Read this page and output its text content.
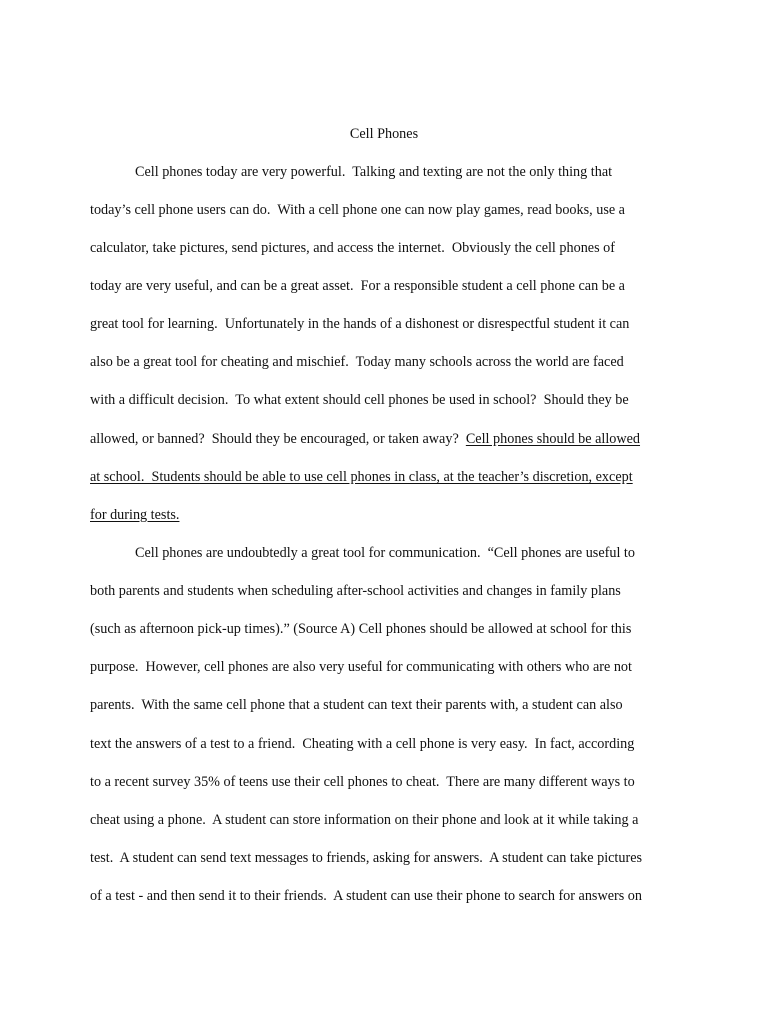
Cell Phones

Cell phones today are very powerful.  Talking and texting are not the only thing that
today’s cell phone users can do.  With a cell phone one can now play games, read books, use a
calculator, take pictures, send pictures, and access the internet.  Obviously the cell phones of
today are very useful, and can be a great asset.  For a responsible student a cell phone can be a
great tool for learning.  Unfortunately in the hands of a dishonest or disrespectful student it can
also be a great tool for cheating and mischief.  Today many schools across the world are faced
with a difficult decision.  To what extent should cell phones be used in school?  Should they be
allowed, or banned?  Should they be encouraged, or taken away?  Cell phones should be allowed
at school.  Students should be able to use cell phones in class, at the teacher’s discretion, except
for during tests.
Cell phones are undoubtedly a great tool for communication.  “Cell phones are useful to
both parents and students when scheduling after-school activities and changes in family plans
(such as afternoon pick-up times).” (Source A) Cell phones should be allowed at school for this
purpose.  However, cell phones are also very useful for communicating with others who are not
parents.  With the same cell phone that a student can text their parents with, a student can also
text the answers of a test to a friend.  Cheating with a cell phone is very easy.  In fact, according
to a recent survey 35% of teens use their cell phones to cheat.  There are many different ways to
cheat using a phone.  A student can store information on their phone and look at it while taking a
test.  A student can send text messages to friends, asking for answers.  A student can take pictures
of a test - and then send it to their friends.  A student can use their phone to search for answers on
